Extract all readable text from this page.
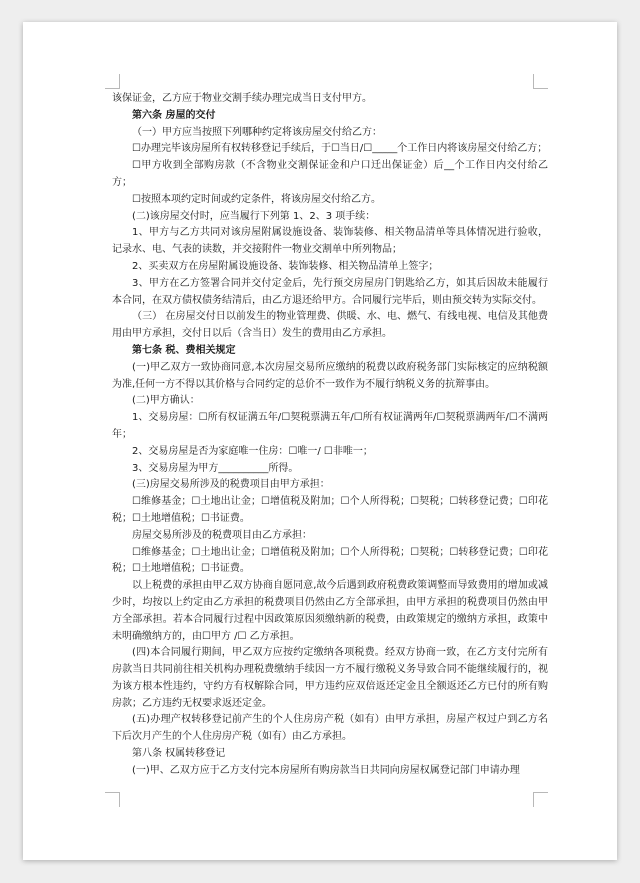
该保证金，乙方应于物业交割手续办理完成当日支付甲方。

第六条 房屋的交付

（一）甲方应当按照下列哪种约定将该房屋交付给乙方：

☐办理完毕该房屋所有权转移登记手续后，于☐当日/☐_____个工作日内将该房屋交付给乙方；

☐甲方收到全部购房款（不含物业交割保证金和户口迁出保证金）后__个工作日内交付给乙方；

☐按照本项约定时间或约定条件，将该房屋交付给乙方。

(二)该房屋交付时，应当履行下列第 1、2、3 项手续：

1、甲方与乙方共同对该房屋附属设施设备、装饰装修、相关物品清单等具体情况进行验收，记录水、电、气表的读数，并交接附件一物业交割单中所列物品；

2、买卖双方在房屋附属设施设备、装饰装修、相关物品清单上签字；

3、甲方在乙方签署合同并交付定金后，先行预交房屋房门钥匙给乙方，如其后因故未能履行本合同，在双方债权债务结清后，由乙方退还给甲方。合同履行完毕后，则由预交转为实际交付。

（三） 在房屋交付日以前发生的物业管理费、供暖、水、电、燃气、有线电视、电信及其他费用由甲方承担，交付日以后（含当日）发生的费用由乙方承担。

第七条 税、费相关规定

(一)甲乙双方一致协商同意,本次房屋交易所应缴纳的税费以政府税务部门实际核定的应纳税额为准,任何一方不得以其价格与合同约定的总价不一致作为不履行纳税义务的抗辩事由。

(二)甲方确认：

1、交易房屋：☐所有权证满五年/☐契税票满五年/☐所有权证满两年/☐契税票满两年/☐不满两年；

2、交易房屋是否为家庭唯一住房：☐唯一/ ☐非唯一；

3、交易房屋为甲方__________所得。

(三)房屋交易所涉及的税费项目由甲方承担：

☐维修基金；☐土地出让金；☐增值税及附加；☐个人所得税；☐契税；☐转移登记费；☐印花税；☐土地增值税；☐书证费。

房屋交易所涉及的税费项目由乙方承担：

☐维修基金；☐土地出让金；☐增值税及附加；☐个人所得税；☐契税；☐转移登记费；☐印花税；☐土地增值税；☐书证费。

以上税费的承担由甲乙双方协商自愿同意,故今后遇到政府税费政策调整而导致费用的增加或减少时，均按以上约定由乙方承担的税费项目仍然由乙方全部承担，由甲方承担的税费项目仍然由甲方全部承担。若本合同履行过程中因政策原因须缴纳新的税费，由政策规定的缴纳方承担，政策中未明确缴纳方的，由☐甲方 /☐ 乙方承担。

(四)本合同履行期间，甲乙双方应按约定缴纳各项税费。经双方协商一致，在乙方支付完所有房款当日共同前往相关机构办理税费缴纳手续因一方不履行缴税义务导致合同不能继续履行的，视为该方根本性违约，守约方有权解除合同，甲方违约应双倍返还定金且全额返还乙方已付的所有购房款；乙方违约无权要求返还定金。

(五)办理产权转移登记前产生的个人住房房产税（如有）由甲方承担，房屋产权过户到乙方名下后次月产生的个人住房房产税（如有）由乙方承担。

第八条 权属转移登记

(一)甲、乙双方应于乙方支付完本房屋所有购房款当日共同向房屋权属登记部门申请办理
